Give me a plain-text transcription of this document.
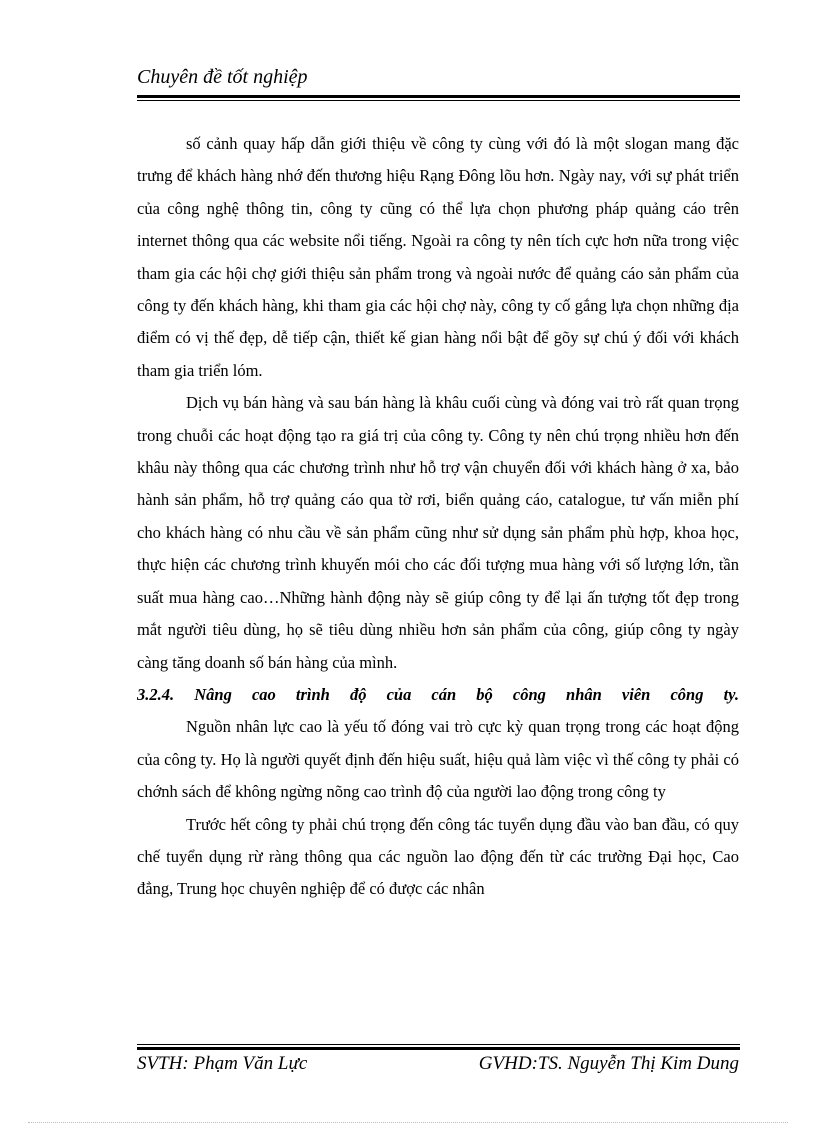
Chuyên đề tốt nghiệp

số cảnh quay hấp dẫn giới thiệu về công ty cùng với đó là một slogan mang đặc trưng để khách hàng nhớ đến thương hiệu Rạng Đông lõu hơn. Ngày nay, với sự phát triển của công nghệ thông tin, công ty cũng có thể lựa chọn phương pháp quảng cáo trên internet thông qua các website nổi tiếng. Ngoài ra công ty nên tích cực hơn nữa trong việc tham gia các hội chợ giới thiệu sản phẩm trong và ngoài nước để quảng cáo sản phẩm của công ty đến khách hàng, khi tham gia các hội chợ này, công ty cố gắng lựa chọn những địa điểm có vị thế đẹp, dễ tiếp cận, thiết kế gian hàng nổi bật để gõy sự chú ý đối với khách tham gia triển lóm.

Dịch vụ bán hàng và sau bán hàng là khâu cuối cùng và đóng vai trò rất quan trọng trong chuỗi các hoạt động tạo ra giá trị của công ty. Công ty nên chú trọng nhiều hơn đến khâu này thông qua các chương trình như hỗ trợ vận chuyển đối với khách hàng ở xa, bảo hành sản phẩm, hỗ trợ quảng cáo qua tờ rơi, biển quảng cáo, catalogue, tư vấn miễn phí cho khách hàng có nhu cầu về sản phẩm cũng như sử dụng sản phẩm phù hợp, khoa học, thực hiện các chương trình khuyến mói cho các đối tượng mua hàng với số lượng lớn, tần suất mua hàng cao…Những hành động này sẽ giúp công ty để lại ấn tượng tốt đẹp trong mắt người tiêu dùng, họ sẽ tiêu dùng nhiều hơn sản phẩm của công, giúp công ty ngày càng tăng doanh số bán hàng của mình.

3.2.4. Nâng cao trình độ của cán bộ công nhân viên công ty.

Nguồn nhân lực cao là yếu tố đóng vai trò cực kỳ quan trọng trong các hoạt động của công ty. Họ là người quyết định đến hiệu suất, hiệu quả làm việc vì thế công ty phải có chớnh sách để không ngừng nõng cao trình độ của người lao động trong công ty

Trước hết công ty phải chú trọng đến công tác tuyển dụng đầu vào ban đầu, có quy chế tuyển dụng rừ ràng thông qua các nguồn lao động đến từ các trường Đại học, Cao đẳng, Trung học chuyên nghiệp để có được các nhân

SVTH: Phạm Văn Lực	GVHD:TS. Nguyễn Thị Kim Dung
